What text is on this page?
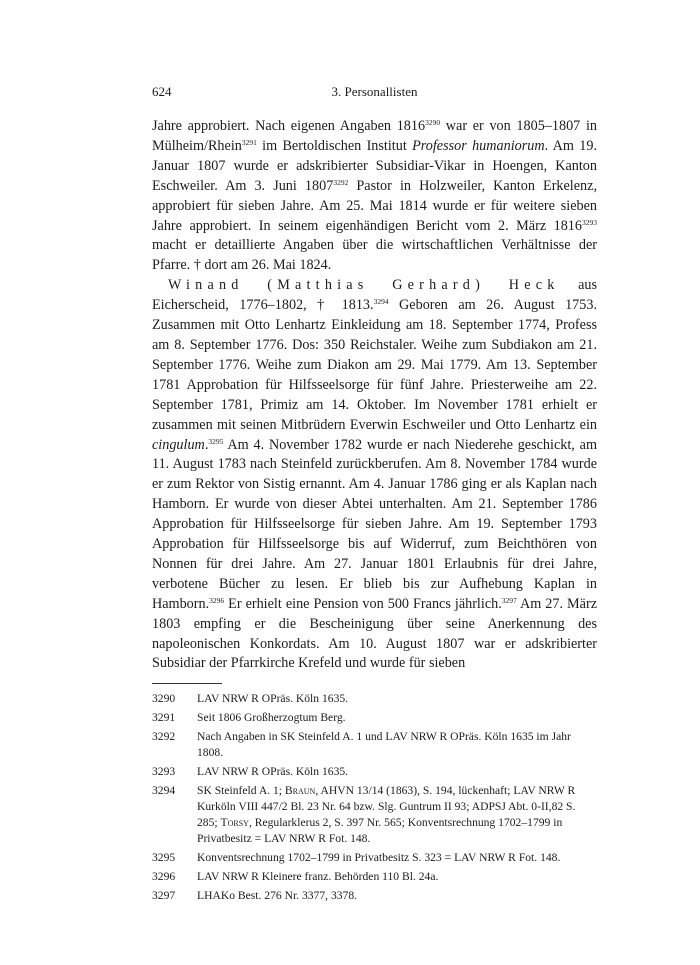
624	3. Personallisten

Jahre approbiert. Nach eigenen Angaben $1816^{3290}$ war er von 1805–1807 in Mülheim/Rhein$^{3291}$ im Bertoldischen Institut Professor humaniorum. Am 19. Januar 1807 wurde er adskribierter Subsidiar-Vikar in Hoengen, Kanton Eschweiler. Am 3. Juni $1807^{3292}$ Pastor in Holzweiler, Kanton Erkelenz, approbiert für sieben Jahre. Am 25. Mai 1814 wurde er für weitere sieben Jahre approbiert. In seinem eigenhändigen Bericht vom 2. März $1816^{3293}$ macht er detaillierte Angaben über die wirtschaftlichen Verhältnisse der Pfarre. † dort am 26. Mai 1824.

Winand (Matthias Gerhard) Heck aus Eicherscheid, 1776–1802, † 1813.$^{3294}$ Geboren am 26. August 1753. Zusammen mit Otto Lenhartz Einkleidung am 18. September 1774, Profess am 8. September 1776. Dos: 350 Reichstaler. Weihe zum Subdiakon am 21. September 1776. Weihe zum Diakon am 29. Mai 1779. Am 13. September 1781 Approbation für Hilfsseelsorge für fünf Jahre. Priesterweihe am 22. September 1781, Primiz am 14. Oktober. Im November 1781 erhielt er zusammen mit seinen Mitbrüdern Everwin Eschweiler und Otto Lenhartz ein cingulum.$^{3295}$ Am 4. November 1782 wurde er nach Niederehe geschickt, am 11. August 1783 nach Steinfeld zurückberufen. Am 8. November 1784 wurde er zum Rektor von Sistig ernannt. Am 4. Januar 1786 ging er als Kaplan nach Hamborn. Er wurde von dieser Abtei unterhalten. Am 21. September 1786 Approbation für Hilfsseelsorge für sieben Jahre. Am 19. September 1793 Approbation für Hilfsseelsorge bis auf Widerruf, zum Beichthören von Nonnen für drei Jahre. Am 27. Januar 1801 Erlaubnis für drei Jahre, verbotene Bücher zu lesen. Er blieb bis zur Aufhebung Kaplan in Hamborn.$^{3296}$ Er erhielt eine Pension von 500 Francs jährlich.$^{3297}$ Am 27. März 1803 empfing er die Bescheinigung über seine Anerkennung des napoleonischen Konkordats. Am 10. August 1807 war er adskribierter Subsidiar der Pfarrkirche Krefeld und wurde für sieben

3290 LAV NRW R OPräs. Köln 1635.
3291 Seit 1806 Großherzogtum Berg.
3292 Nach Angaben in SK Steinfeld A. 1 und LAV NRW R OPräs. Köln 1635 im Jahr 1808.
3293 LAV NRW R OPräs. Köln 1635.
3294 SK Steinfeld A. 1; Braun, AHVN 13/14 (1863), S. 194, lückenhaft; LAV NRW R Kurköln VIII 447/2 Bl. 23 Nr. 64 bzw. Slg. Guntrum II 93; ADPSJ Abt. 0-II,82 S. 285; Torsy, Regularklerus 2, S. 397 Nr. 565; Konventsrechnung 1702–1799 in Privatbesitz = LAV NRW R Fot. 148.
3295 Konventsrechnung 1702–1799 in Privatbesitz S. 323 = LAV NRW R Fot. 148.
3296 LAV NRW R Kleinere franz. Behörden 110 Bl. 24a.
3297 LHAKo Best. 276 Nr. 3377, 3378.
